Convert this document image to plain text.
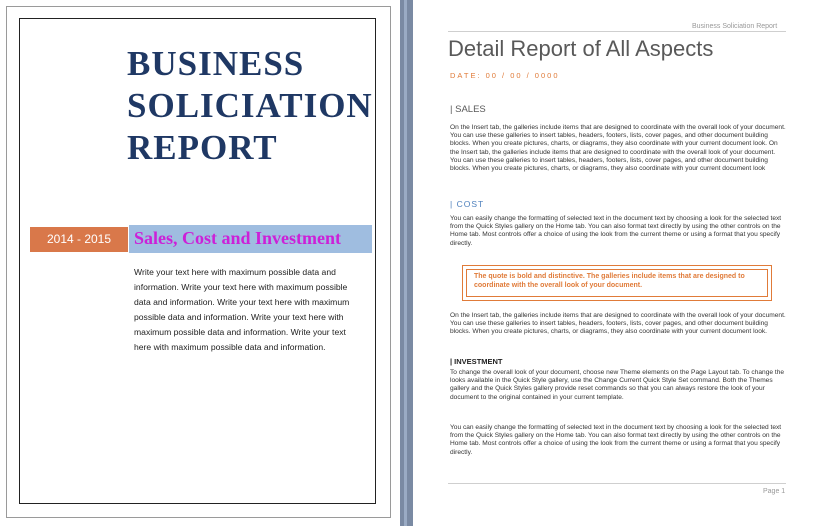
BUSINESS
SOLICIATION
REPORT
2014 - 2015	Sales, Cost and Investment
Write your text here with maximum possible data and information. Write your text here with maximum possible data and information. Write your text here with maximum possible data and information. Write your text here with maximum possible data and information. Write your text here with maximum possible data and information.
Business Soliciation Report
Detail Report of All Aspects
DATE: 00 / 00 / 0000
| SALES
On the Insert tab, the galleries include items that are designed to coordinate with the overall look of your document. You can use these galleries to insert tables, headers, footers, lists, cover pages, and other document building blocks. When you create pictures, charts, or diagrams, they also coordinate with your current document look. On the Insert tab, the galleries include items that are designed to coordinate with the overall look of your document. You can use these galleries to insert tables, headers, footers, lists, cover pages, and other document building blocks. When you create pictures, charts, or diagrams, they also coordinate with your current document look
| COST
You can easily change the formatting of selected text in the document text by choosing a look for the selected text from the Quick Styles gallery on the Home tab. You can also format text directly by using the other controls on the Home tab. Most controls offer a choice of using the look from the current theme or using a format that you specify directly.
The quote is bold and distinctive. The galleries include items that are designed to coordinate with the overall look of your document.
On the Insert tab, the galleries include items that are designed to coordinate with the overall look of your document. You can use these galleries to insert tables, headers, footers, lists, cover pages, and other document building blocks. When you create pictures, charts, or diagrams, they also coordinate with your current document look.
| INVESTMENT
To change the overall look of your document, choose new Theme elements on the Page Layout tab. To change the looks available in the Quick Style gallery, use the Change Current Quick Style Set command. Both the Themes gallery and the Quick Styles gallery provide reset commands so that you can always restore the look of your document to the original contained in your current template.
You can easily change the formatting of selected text in the document text by choosing a look for the selected text from the Quick Styles gallery on the Home tab. You can also format text directly by using the other controls on the Home tab. Most controls offer a choice of using the look from the current theme or using a format that you specify directly.
Page 1
